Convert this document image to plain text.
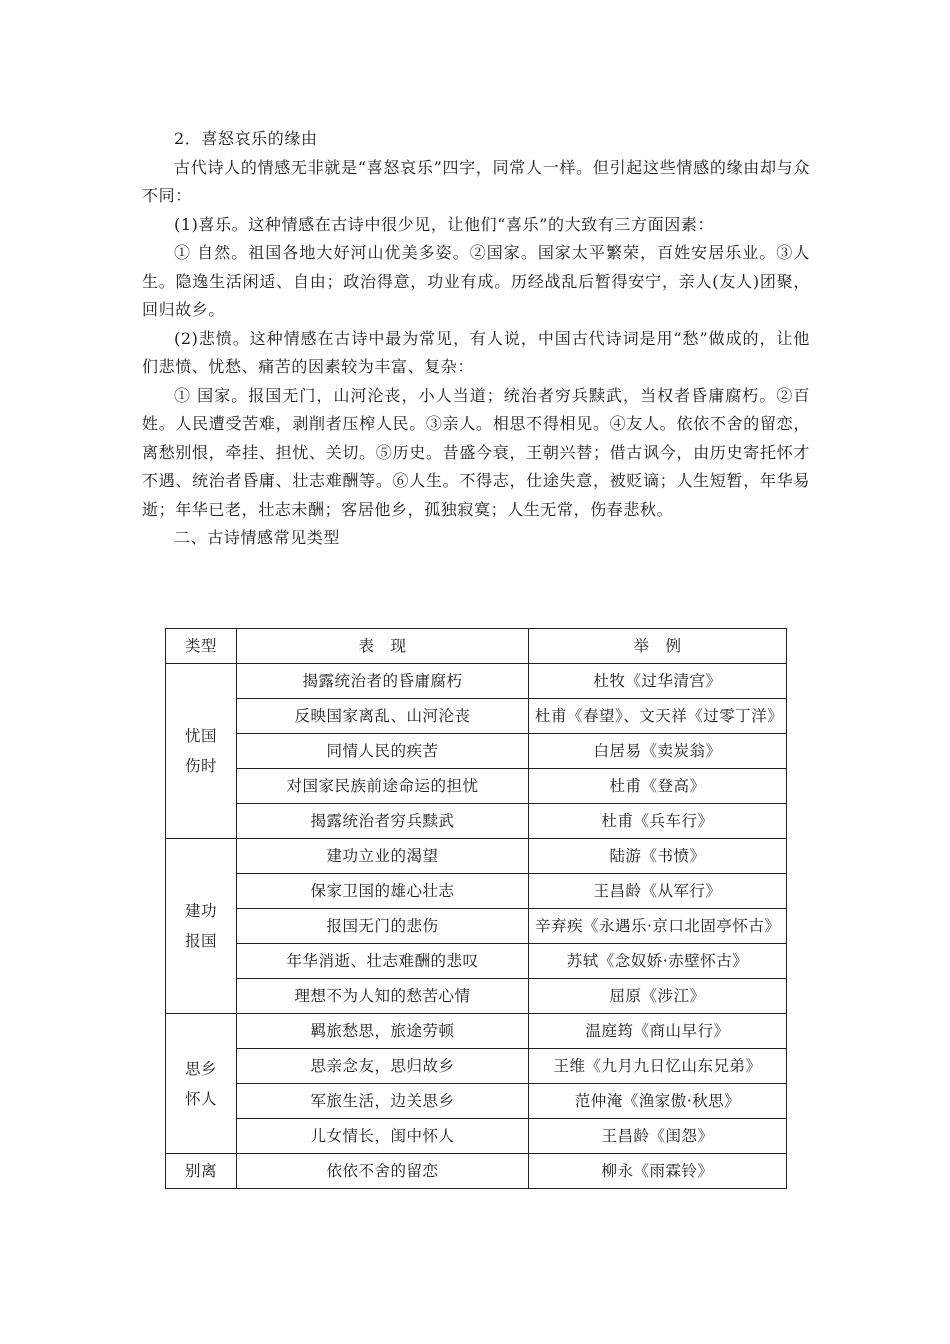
2．喜怒哀乐的缘由

古代诗人的情感无非就是“喜怒哀乐”四字，同常人一样。但引起这些情感的缘由却与众不同：

(1)喜乐。这种情感在古诗中很少见，让他们“喜乐”的大致有三方面因素：

① 自然。祖国各地大好河山优美多姿。②国家。国家太平繁荣，百姓安居乐业。③人生。隐逸生活闲适、自由；政治得意，功业有成。历经战乱后暂得安宁，亲人(友人)团聚，回归故乡。

(2)悲愤。这种情感在古诗中最为常见，有人说，中国古代诗词是用“愁”做成的，让他们悲愤、忧愁、痛苦的因素较为丰富、复杂：

① 国家。报国无门，山河沦丧，小人当道；统治者穷兵黩武，当权者昏庸腐朽。②百姓。人民遭受苦难，剥削者压榨人民。③亲人。相思不得相见。④友人。依依不舍的留恋，离愁别恨，牵挂、担忧、关切。⑤历史。昔盛今衰，王朝兴替；借古讽今，由历史寄托怀才不遇、统治者昏庸、壮志难酬等。⑥人生。不得志，仕途失意，被贬谪；人生短暂，年华易逝；年华已老，壮志未酬；客居他乡，孤独寂寞；人生无常，伤春悲秋。

二、古诗情感常见类型

类型	表　现	举　例

忧国
伤时	揭露统治者的昏庸腐朽	杜牧《过华清宫》
	反映国家离乱、山河沦丧	杜甫《春望》、文天祥《过零丁洋》
	同情人民的疾苦	白居易《卖炭翁》
	对国家民族前途命运的担忧	杜甫《登高》
	揭露统治者穷兵黩武	杜甫《兵车行》

建功
报国	建功立业的渴望	陆游《书愤》
	保家卫国的雄心壮志	王昌龄《从军行》
	报国无门的悲伤	辛弃疾《永遇乐·京口北固亭怀古》
	年华消逝、壮志难酬的悲叹	苏轼《念奴娇·赤壁怀古》
	理想不为人知的愁苦心情	屈原《涉江》

思乡
怀人	羁旅愁思，旅途劳顿	温庭筠《商山早行》
	思亲念友，思归故乡	王维《九月九日忆山东兄弟》
	军旅生活，边关思乡	范仲淹《渔家傲·秋思》
	儿女情长，闺中怀人	王昌龄《闺怨》

别离	依依不舍的留恋	柳永《雨霖铃》
